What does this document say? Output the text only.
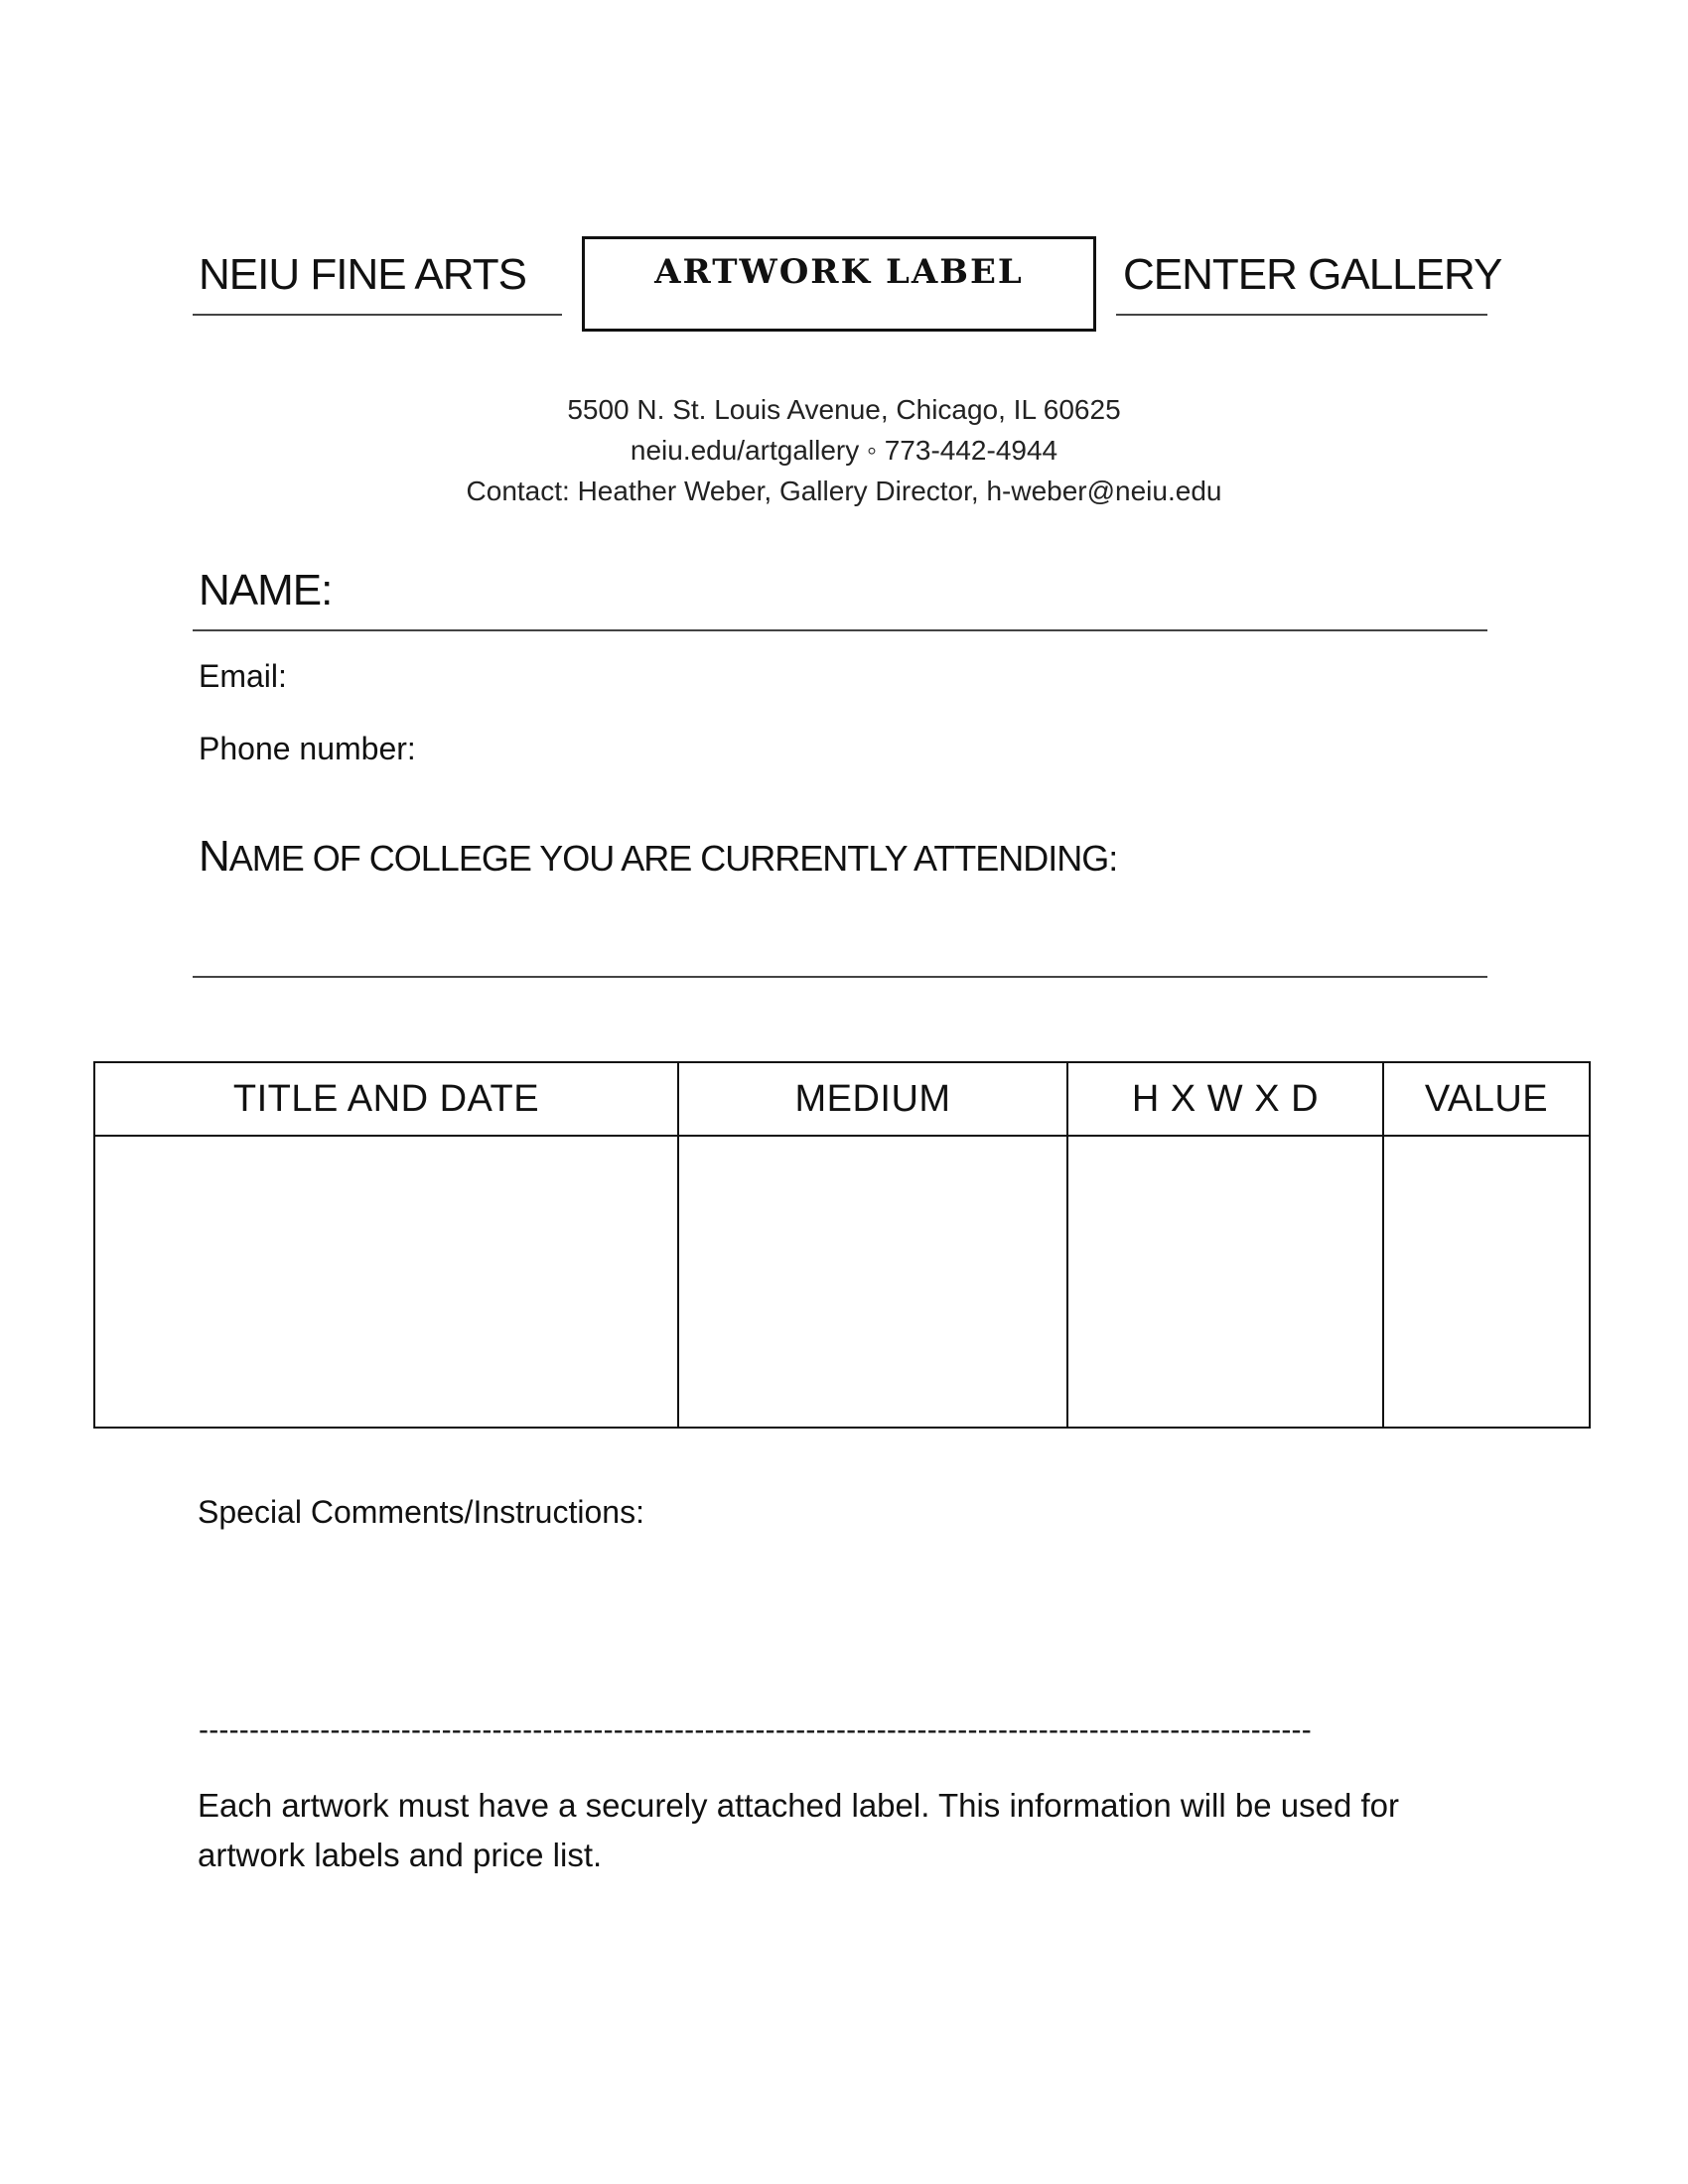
NEIU FINE ARTS	ARTWORK LABEL	CENTER GALLERY
5500 N. St. Louis Avenue, Chicago, IL 60625
neiu.edu/artgallery ◦ 773-442-4944
Contact: Heather Weber, Gallery Director, h-weber@neiu.edu
NAME:
Email:
Phone number:
NAME OF COLLEGE YOU ARE CURRENTLY ATTENDING:
TITLE AND DATE	MEDIUM	H X W X D	VALUE

Special Comments/Instructions:
--------------------------------------------------------------------------------------------------------------
Each artwork must have a securely attached label. This information will be used for artwork labels and price list.
